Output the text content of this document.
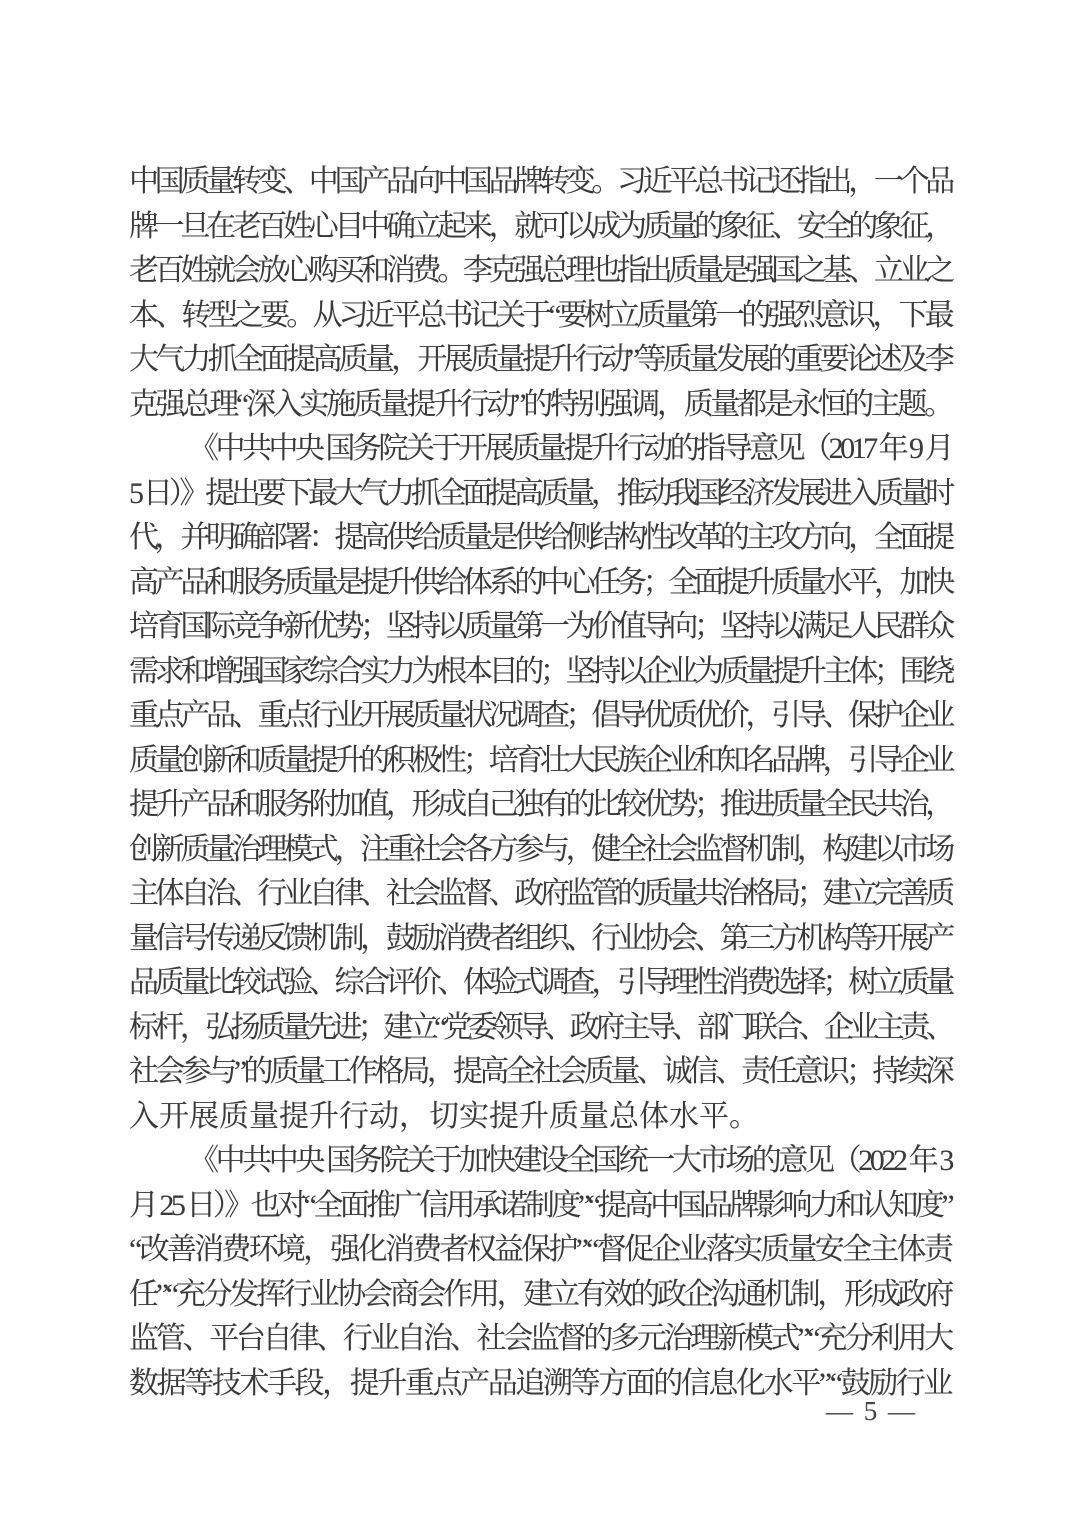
中国质量转变、中国产品向中国品牌转变。习近平总书记还指出，一个品
牌一旦在老百姓心目中确立起来，就可以成为质量的象征、安全的象征，
老百姓就会放心购买和消费。李克强总理也指出质量是强国之基、立业之
本、转型之要。从习近平总书记关于“要树立质量第一的强烈意识，下最
大气力抓全面提高质量，开展质量提升行动”等质量发展的重要论述及李
克强总理“深入实施质量提升行动”的特别强调，质量都是永恒的主题。
《中共中央 国务院关于开展质量提升行动的指导意见（2017 年 9 月
5 日）》提出要下最大气力抓全面提高质量，推动我国经济发展进入质量时
代，并明确部署：提高供给质量是供给侧结构性改革的主攻方向，全面提
高产品和服务质量是提升供给体系的中心任务；全面提升质量水平，加快
培育国际竞争新优势；坚持以质量第一为价值导向；坚持以满足人民群众
需求和增强国家综合实力为根本目的；坚持以企业为质量提升主体；围绕
重点产品、重点行业开展质量状况调查；倡导优质优价，引导、保护企业
质量创新和质量提升的积极性；培育壮大民族企业和知名品牌，引导企业
提升产品和服务附加值，形成自己独有的比较优势；推进质量全民共治，
创新质量治理模式，注重社会各方参与，健全社会监督机制，构建以市场
主体自治、行业自律、社会监督、政府监管的质量共治格局；建立完善质
量信号传递反馈机制，鼓励消费者组织、行业协会、第三方机构等开展产
品质量比较试验、综合评价、体验式调查，引导理性消费选择；树立质量
标杆，弘扬质量先进；建立“党委领导、政府主导、部门联合、企业主责、
社会参与”的质量工作格局，提高全社会质量、诚信、责任意识；持续深
入开展质量提升行动，切实提升质量总体水平。
《中共中央 国务院关于加快建设全国统一大市场的意见（2022 年 3
月 25 日）》也对“全面推广信用承诺制度”“提高中国品牌影响力和认知度”
“改善消费环境，强化消费者权益保护”“督促企业落实质量安全主体责
任”“充分发挥行业协会商会作用，建立有效的政企沟通机制，形成政府
监管、平台自律、行业自治、社会监督的多元治理新模式”“充分利用大
数据等技术手段，提升重点产品追溯等方面的信息化水平”“鼓励行业
— 5 —
